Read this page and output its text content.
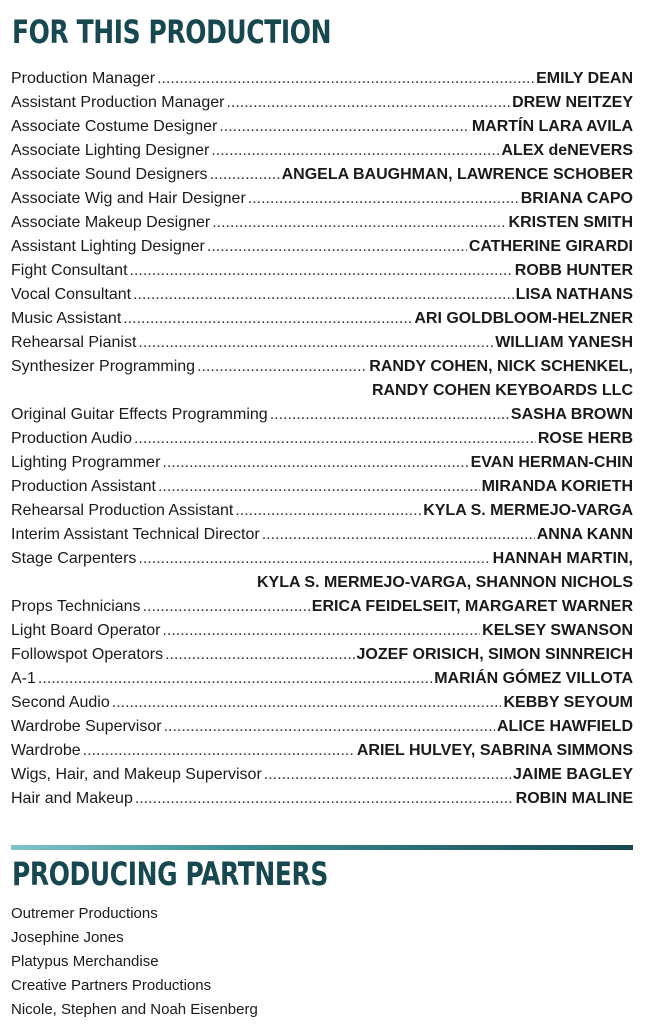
FOR THIS PRODUCTION
Production Manager .....	EMILY DEAN
Assistant Production Manager .....	DREW NEITZEY
Associate Costume Designer .....	MARTÍN LARA AVILA
Associate Lighting Designer .....	ALEX deNEVERS
Associate Sound Designers .....	ANGELA BAUGHMAN, LAWRENCE SCHOBER
Associate Wig and Hair Designer .....	BRIANA CAPO
Associate Makeup Designer .....	KRISTEN SMITH
Assistant Lighting Designer .....	CATHERINE GIRARDI
Fight Consultant .....	ROBB HUNTER
Vocal Consultant .....	LISA NATHANS
Music Assistant .....	ARI GOLDBLOOM-HELZNER
Rehearsal Pianist .....	WILLIAM YANESH
Synthesizer Programming .....	RANDY COHEN, NICK SCHENKEL,
RANDY COHEN KEYBOARDS LLC
Original Guitar Effects Programming .....	SASHA BROWN
Production Audio .....	ROSE HERB
Lighting Programmer .....	EVAN HERMAN-CHIN
Production Assistant .....	MIRANDA KORIETH
Rehearsal Production Assistant .....	KYLA S. MERMEJO-VARGA
Interim Assistant Technical Director .....	ANNA KANN
Stage Carpenters .....	HANNAH MARTIN,
KYLA S. MERMEJO-VARGA, SHANNON NICHOLS
Props Technicians .....	ERICA FEIDELSEIT, MARGARET WARNER
Light Board Operator .....	KELSEY SWANSON
Followspot Operators .....	JOZEF ORISICH, SIMON SINNREICH
A-1 .....	MARIÁN GÓMEZ VILLOTA
Second Audio .....	KEBBY SEYOUM
Wardrobe Supervisor .....	ALICE HAWFIELD
Wardrobe .....	ARIEL HULVEY, SABRINA SIMMONS
Wigs, Hair, and Makeup Supervisor .....	JAIME BAGLEY
Hair and Makeup .....	ROBIN MALINE
PRODUCING PARTNERS
Outremer Productions
Josephine Jones
Platypus Merchandise
Creative Partners Productions
Nicole, Stephen and Noah Eisenberg
